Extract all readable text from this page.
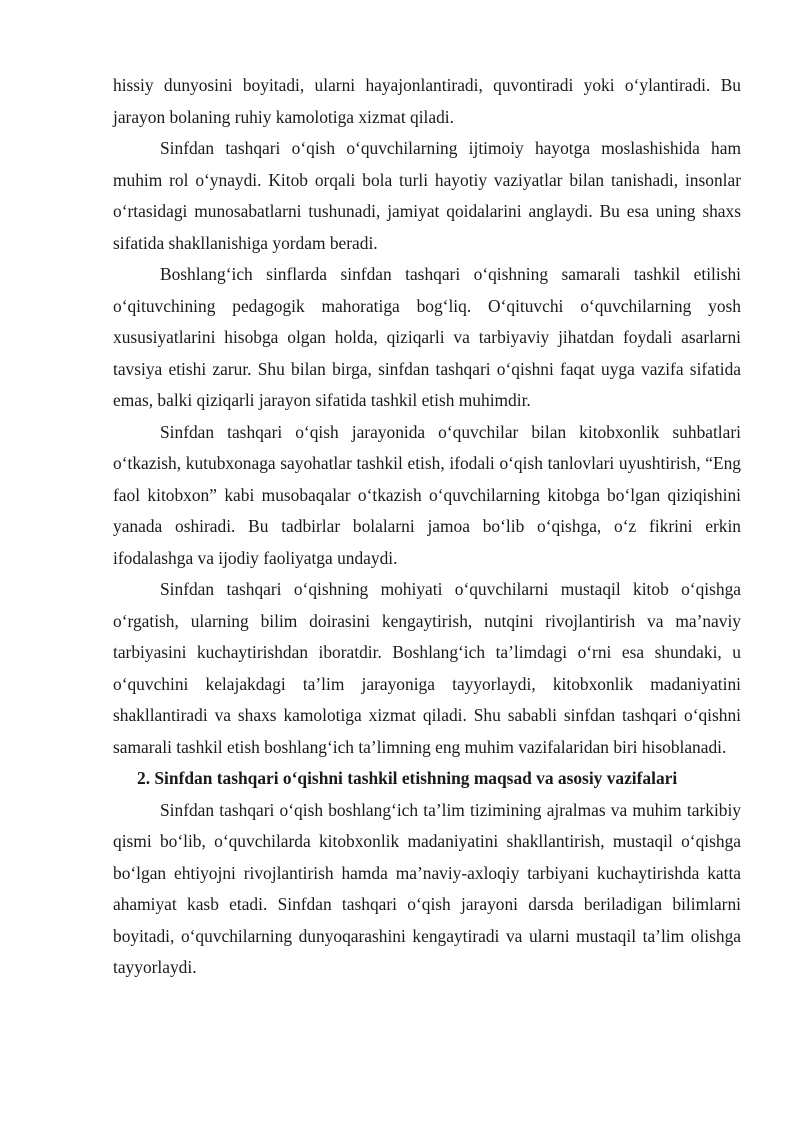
hissiy dunyosini boyitadi, ularni hayajonlantiradi, quvontiradi yoki o‘ylantiradi. Bu jarayon bolaning ruhiy kamolotiga xizmat qiladi.

Sinfdan tashqari o‘qish o‘quvchilarning ijtimoiy hayotga moslashishida ham muhim rol o‘ynaydi. Kitob orqali bola turli hayotiy vaziyatlar bilan tanishadi, insonlar o‘rtasidagi munosabatlarni tushunadi, jamiyat qoidalarini anglaydi. Bu esa uning shaxs sifatida shakllanishiga yordam beradi.

Boshlang‘ich sinflarda sinfdan tashqari o‘qishning samarali tashkil etilishi o‘qituvchining pedagogik mahoratiga bog‘liq. O‘qituvchi o‘quvchilarning yosh xususiyatlarini hisobga olgan holda, qiziqarli va tarbiyaviy jihatdan foydali asarlarni tavsiya etishi zarur. Shu bilan birga, sinfdan tashqari o‘qishni faqat uyga vazifa sifatida emas, balki qiziqarli jarayon sifatida tashkil etish muhimdir.

Sinfdan tashqari o‘qish jarayonida o‘quvchilar bilan kitobxonlik suhbatlari o‘tkazish, kutubxonaga sayohatlar tashkil etish, ifodali o‘qish tanlovlari uyushtirish, “Eng faol kitobxon” kabi musobaqalar o‘tkazish o‘quvchilarning kitobga bo‘lgan qiziqishini yanada oshiradi. Bu tadbirlar bolalarni jamoa bo‘lib o‘qishga, o‘z fikrini erkin ifodalashga va ijodiy faoliyatga undaydi.

Sinfdan tashqari o‘qishning mohiyati o‘quvchilarni mustaqil kitob o‘qishga o‘rgatish, ularning bilim doirasini kengaytirish, nutqini rivojlantirish va ma’naviy tarbiyasini kuchaytirishdan iboratdir. Boshlang‘ich ta’limdagi o‘rni esa shundaki, u o‘quvchini kelajakdagi ta’lim jarayoniga tayyorlaydi, kitobxonlik madaniyatini shakllantiradi va shaxs kamolotiga xizmat qiladi. Shu sababli sinfdan tashqari o‘qishni samarali tashkil etish boshlang‘ich ta’limning eng muhim vazifalaridan biri hisoblanadi.

2. Sinfdan tashqari o‘qishni tashkil etishning maqsad va asosiy vazifalari

Sinfdan tashqari o‘qish boshlang‘ich ta’lim tizimining ajralmas va muhim tarkibiy qismi bo‘lib, o‘quvchilarda kitobxonlik madaniyatini shakllantirish, mustaqil o‘qishga bo‘lgan ehtiyojni rivojlantirish hamda ma’naviy-axloqiy tarbiyani kuchaytirishda katta ahamiyat kasb etadi. Sinfdan tashqari o‘qish jarayoni darsda beriladigan bilimlarni boyitadi, o‘quvchilarning dunyoqarashini kengaytiradi va ularni mustaqil ta’lim olishga tayyorlaydi.
